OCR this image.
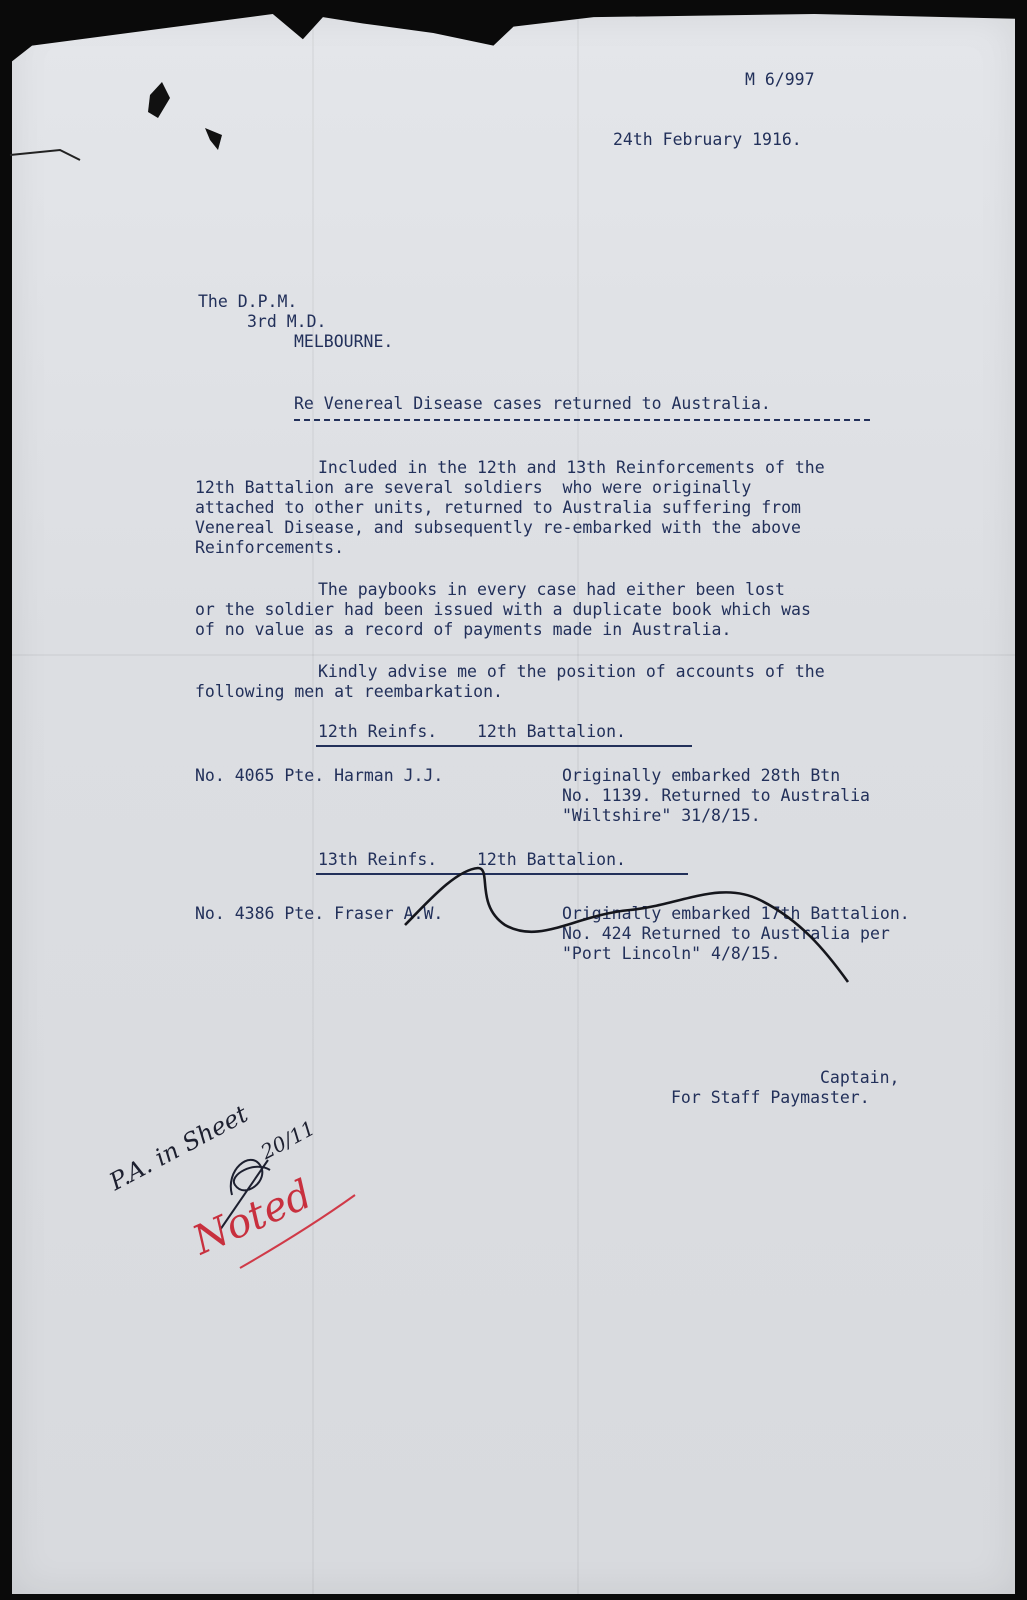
M 6/997

24th February 1916.

The D.P.M.

3rd M.D.

MELBOURNE.

Re Venereal Disease cases returned to Australia.

Included in the 12th and 13th Reinforcements of the

12th Battalion are several soldiers  who were originally

attached to other units, returned to Australia suffering from

Venereal Disease, and subsequently re-embarked with the above

Reinforcements.

The paybooks in every case had either been lost

or the soldier had been issued with a duplicate book which was

of no value as a record of payments made in Australia.

Kindly advise me of the position of accounts of the

following men at reembarkation.

12th Reinfs.    12th Battalion.

No. 4065 Pte. Harman J.J.	Originally embarked 28th Btn

No. 1139. Returned to Australia

"Wiltshire" 31/8/15.

13th Reinfs.    12th Battalion.

No. 4386 Pte. Fraser A.W.	Originally embarked 17th Battalion.

No. 424 Returned to Australia per

"Port Lincoln" 4/8/15.

Captain,

For Staff Paymaster.

P.A. in Sheet 20/11

Noted
